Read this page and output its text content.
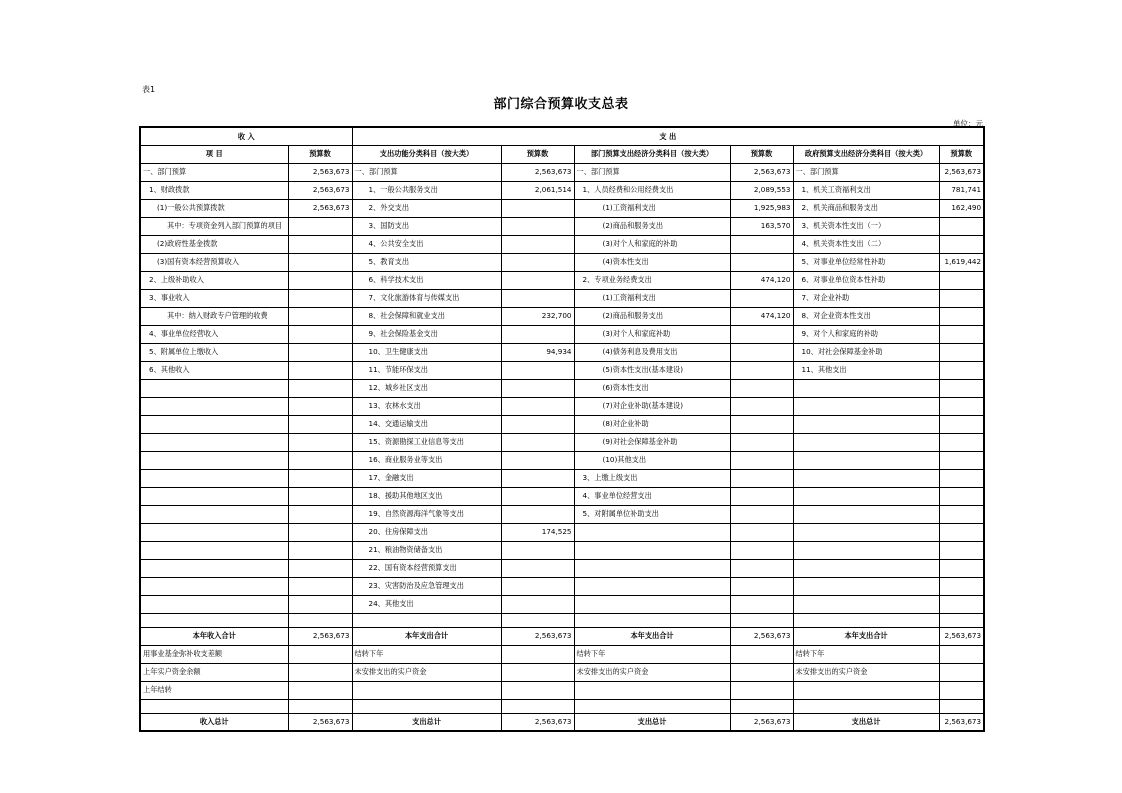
表1
部门综合预算收支总表
单位：元
收 入		支 出					
项 目	预算数	支出功能分类科目（按大类）	预算数	部门预算支出经济分类科目（按大类）	预算数	政府预算支出经济分类科目（按大类）	预算数
一、部门预算	2,563,673	一、部门预算	2,563,673	一、部门预算	2,563,673	一、部门预算	2,563,673
1、财政拨款	2,563,673	1、一般公共服务支出	2,061,514	1、人员经费和公用经费支出	2,089,553	1、机关工资福利支出	781,741
(1)一般公共预算拨款	2,563,673	2、外交支出		(1)工资福利支出	1,925,983	2、机关商品和服务支出	162,490
其中：专项资金列入部门预算的项目		3、国防支出		(2)商品和服务支出	163,570	3、机关资本性支出（一）	
(2)政府性基金拨款		4、公共安全支出		(3)对个人和家庭的补助		4、机关资本性支出（二）	
(3)国有资本经营预算收入		5、教育支出		(4)资本性支出		5、对事业单位经常性补助	1,619,442
2、上级补助收入		6、科学技术支出		2、专项业务经费支出	474,120	6、对事业单位资本性补助	
3、事业收入		7、文化旅游体育与传媒支出		(1)工资福利支出		7、对企业补助	
其中：纳入财政专户管理的收费		8、社会保障和就业支出	232,700	(2)商品和服务支出	474,120	8、对企业资本性支出	
4、事业单位经营收入		9、社会保险基金支出		(3)对个人和家庭补助		9、对个人和家庭的补助	
5、附属单位上缴收入		10、卫生健康支出	94,934	(4)债务利息及费用支出		10、对社会保障基金补助	
6、其他收入		11、节能环保支出		(5)资本性支出(基本建设)		11、其他支出	
		12、城乡社区支出		(6)资本性支出			
		13、农林水支出		(7)对企业补助(基本建设)			
		14、交通运输支出		(8)对企业补助			
		15、资源勘探工业信息等支出		(9)对社会保障基金补助			
		16、商业服务业等支出		(10)其他支出			
		17、金融支出		3、上缴上级支出			
		18、援助其他地区支出		4、事业单位经营支出			
		19、自然资源海洋气象等支出		5、对附属单位补助支出			
		20、住房保障支出	174,525				
		21、粮油物资储备支出					
		22、国有资本经营预算支出					
		23、灾害防治及应急管理支出					
		24、其他支出					

本年收入合计	2,563,673	本年支出合计	2,563,673	本年支出合计	2,563,673	本年支出合计	2,563,673
用事业基金弥补收支差额		结转下年		结转下年		结转下年	
上年实户资金余额		未安排支出的实户资金		未安排支出的实户资金		未安排支出的实户资金	
上年结转							

收入总计	2,563,673	支出总计	2,563,673	支出总计	2,563,673	支出总计	2,563,673
